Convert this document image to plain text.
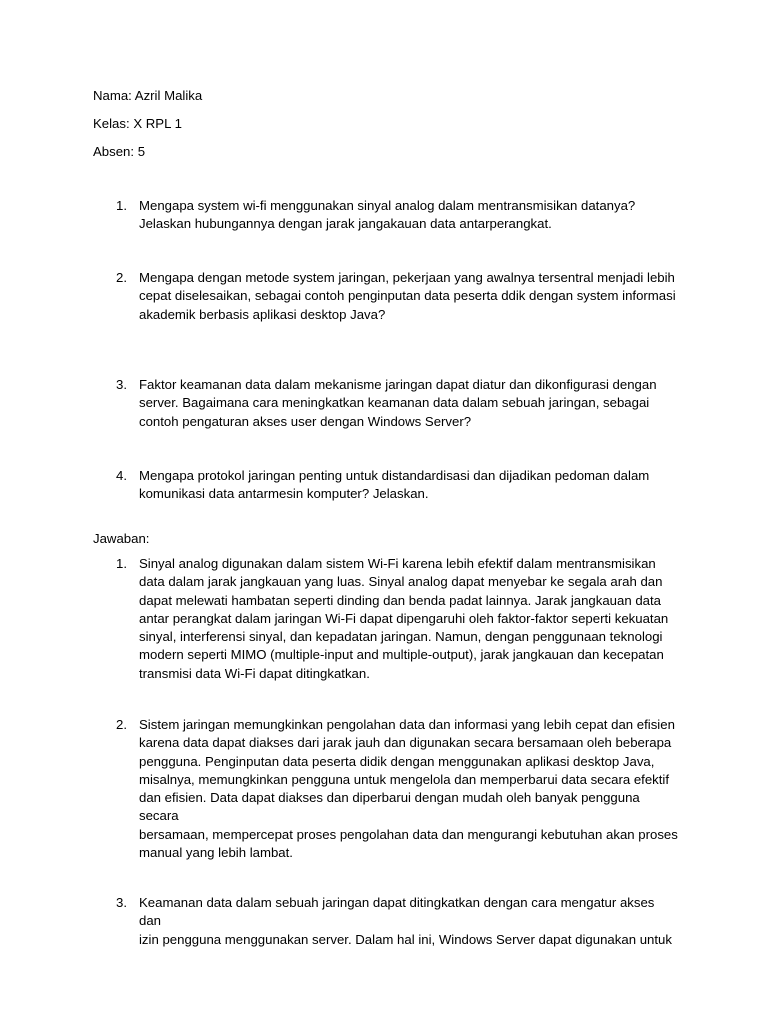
Nama: Azril Malika
Kelas: X RPL 1
Absen: 5
1. Mengapa system wi-fi menggunakan sinyal analog dalam mentransmisikan datanya?
Jelaskan hubungannya dengan jarak jangakauan data antarperangkat.
2. Mengapa dengan metode system jaringan, pekerjaan yang awalnya tersentral menjadi lebih
cepat diselesaikan, sebagai contoh penginputan data peserta ddik dengan system informasi
akademik berbasis aplikasi desktop Java?
3. Faktor keamanan data dalam mekanisme jaringan dapat diatur dan dikonfigurasi dengan
server. Bagaimana cara meningkatkan keamanan data dalam sebuah jaringan, sebagai
contoh pengaturan akses user dengan Windows Server?
4. Mengapa protokol jaringan penting untuk distandardisasi dan dijadikan pedoman dalam
komunikasi data antarmesin komputer? Jelaskan.
Jawaban:
1. Sinyal analog digunakan dalam sistem Wi-Fi karena lebih efektif dalam mentransmisikan
data dalam jarak jangkauan yang luas. Sinyal analog dapat menyebar ke segala arah dan
dapat melewati hambatan seperti dinding dan benda padat lainnya. Jarak jangkauan data
antar perangkat dalam jaringan Wi-Fi dapat dipengaruhi oleh faktor-faktor seperti kekuatan
sinyal, interferensi sinyal, dan kepadatan jaringan. Namun, dengan penggunaan teknologi
modern seperti MIMO (multiple-input and multiple-output), jarak jangkauan dan kecepatan
transmisi data Wi-Fi dapat ditingkatkan.
2. Sistem jaringan memungkinkan pengolahan data dan informasi yang lebih cepat dan efisien
karena data dapat diakses dari jarak jauh dan digunakan secara bersamaan oleh beberapa
pengguna. Penginputan data peserta didik dengan menggunakan aplikasi desktop Java,
misalnya, memungkinkan pengguna untuk mengelola dan memperbarui data secara efektif
dan efisien. Data dapat diakses dan diperbarui dengan mudah oleh banyak pengguna secara
bersamaan, mempercepat proses pengolahan data dan mengurangi kebutuhan akan proses
manual yang lebih lambat.
3. Keamanan data dalam sebuah jaringan dapat ditingkatkan dengan cara mengatur akses dan
izin pengguna menggunakan server. Dalam hal ini, Windows Server dapat digunakan untuk
